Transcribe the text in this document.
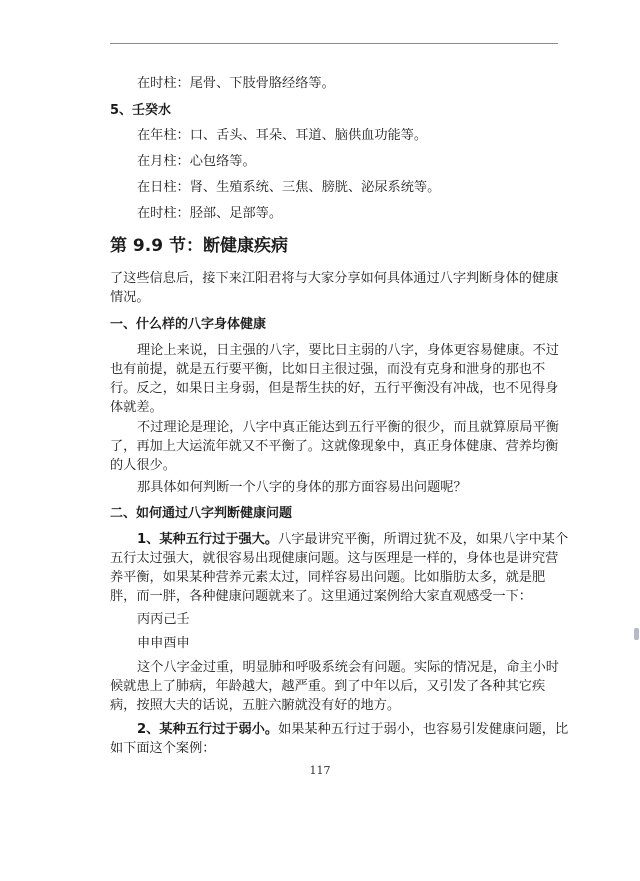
在时柱：尾骨、下肢骨胳经络等。
5、壬癸水
在年柱：口、舌头、耳朵、耳道、脑供血功能等。
在月柱：心包络等。
在日柱：肾、生殖系统、三焦、膀胱、泌尿系统等。
在时柱：胫部、足部等。
第 9.9 节：断健康疾病
了这些信息后，接下来江阳君将与大家分享如何具体通过八字判断身体的健康
情况。
一、什么样的八字身体健康
理论上来说，日主强的八字，要比日主弱的八字，身体更容易健康。不过
也有前提，就是五行要平衡，比如日主很过强，而没有克身和泄身的那也不
行。反之，如果日主身弱，但是帮生扶的好，五行平衡没有冲战，也不见得身
体就差。
不过理论是理论，八字中真正能达到五行平衡的很少，而且就算原局平衡
了，再加上大运流年就又不平衡了。这就像现象中，真正身体健康、营养均衡
的人很少。
那具体如何判断一个八字的身体的那方面容易出问题呢？
二、如何通过八字判断健康问题
1、某种五行过于强大。八字最讲究平衡，所谓过犹不及，如果八字中某个
五行太过强大，就很容易出现健康问题。这与医理是一样的，身体也是讲究营
养平衡，如果某种营养元素太过，同样容易出问题。比如脂肪太多，就是肥
胖，而一胖，各种健康问题就来了。这里通过案例给大家直观感受一下：
丙丙己壬
申申酉申
这个八字金过重，明显肺和呼吸系统会有问题。实际的情况是，命主小时
候就患上了肺病，年龄越大，越严重。到了中年以后，又引发了各种其它疾
病，按照大夫的话说，五脏六腑就没有好的地方。
2、某种五行过于弱小。如果某种五行过于弱小，也容易引发健康问题，比
如下面这个案例：
117
